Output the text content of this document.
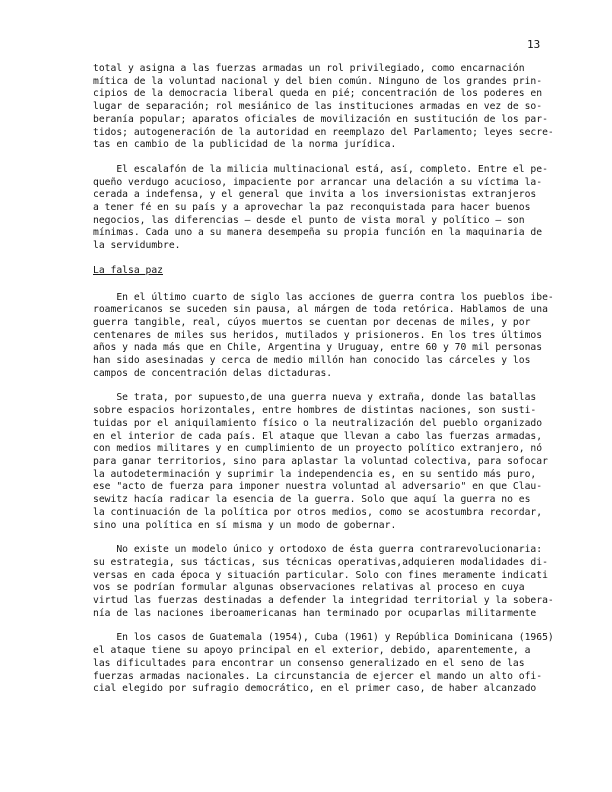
13
total y asigna a las fuerzas armadas un rol privilegiado, como encarnación
mítica de la voluntad nacional y del bien común. Ninguno de los grandes prin-
cipios de la democracia liberal queda en pié; concentración de los poderes en
lugar de separación; rol mesiánico de las instituciones armadas en vez de so-
beranía popular; aparatos oficiales de movilización en sustitución de los par-
tidos; autogeneración de la autoridad en reemplazo del Parlamento; leyes secre-
tas en cambio de la publicidad de la norma jurídica.
El escalafón de la milicia multinacional está, así, completo. Entre el pe-
queño verdugo acucioso, impaciente por arrancar una delación a su víctima la-
cerada a indefensa, y el general que invita a los inversionistas extranjeros
a tener fé en su país y a aprovechar la paz reconquistada para hacer buenos
negocios, las diferencias – desde el punto de vista moral y político – son
mínimas. Cada uno a su manera desempeña su propia función en la maquinaria de
la servidumbre.
La falsa paz
En el último cuarto de siglo las acciones de guerra contra los pueblos ibe-
roamericanos se suceden sin pausa, al márgen de toda retórica. Hablamos de una
guerra tangible, real, cúyos muertos se cuentan por decenas de miles, y por
centenares de miles sus heridos, mutilados y prisioneros. En los tres últimos
años y nada más que en Chile, Argentina y Uruguay, entre 60 y 70 mil personas
han sido asesinadas y cerca de medio millón han conocido las cárceles y los
campos de concentración delas dictaduras.
Se trata, por supuesto,de una guerra nueva y extraña, donde las batallas
sobre espacios horizontales, entre hombres de distintas naciones, son susti-
tuidas por el aniquilamiento físico o la neutralización del pueblo organizado
en el interior de cada país. El ataque que llevan a cabo las fuerzas armadas,
con medios militares y en cumplimiento de un proyecto político extranjero, nó
para ganar territorios, sino para aplastar la voluntad colectiva, para sofocar
la autodeterminación y suprimir la independencia es, en su sentido más puro,
ese "acto de fuerza para imponer nuestra voluntad al adversario" en que Clau-
sewitz hacía radicar la esencia de la guerra. Solo que aquí la guerra no es
la continuación de la política por otros medios, como se acostumbra recordar,
sino una política en sí misma y un modo de gobernar.
No existe un modelo único y ortodoxo de ésta guerra contrarevolucionaria:
su estrategia, sus tácticas, sus técnicas operativas,adquieren modalidades di-
versas en cada época y situación particular. Solo con fines meramente indicati
vos se podrían formular algunas observaciones relativas al proceso en cuya
virtud las fuerzas destinadas a defender la integridad territorial y la sobera-
nía de las naciones iberoamericanas han terminado por ocuparlas militarmente
En los casos de Guatemala (1954), Cuba (1961) y República Dominicana (1965)
el ataque tiene su apoyo principal en el exterior, debido, aparentemente, a
las dificultades para encontrar un consenso generalizado en el seno de las
fuerzas armadas nacionales. La circunstancia de ejercer el mando un alto ofi-
cial elegido por sufragio democrático, en el primer caso, de haber alcanzado
